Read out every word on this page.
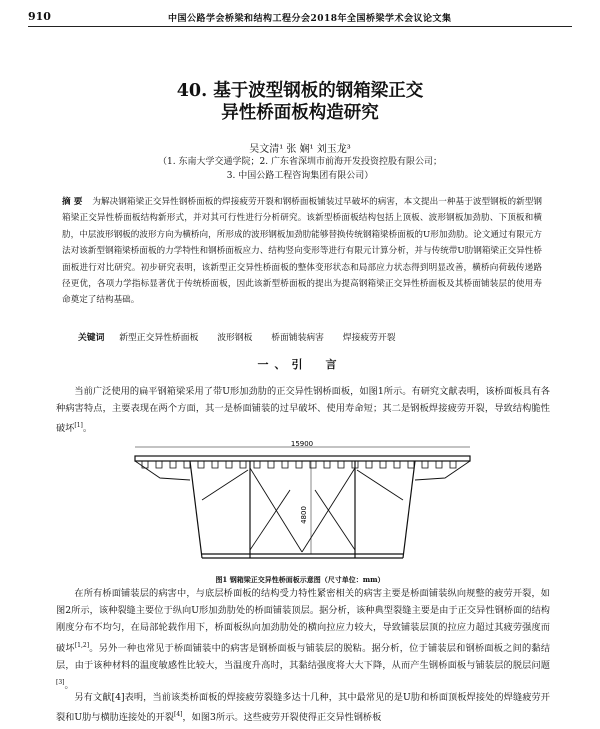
910	中国公路学会桥梁和结构工程分会2018年全国桥梁学术会议论文集
40. 基于波型钢板的钢箱梁正交
异性桥面板构造研究
吴文清¹ 张 娴¹ 刘玉龙³
（1. 东南大学交通学院；2. 广东省深圳市前海开发投资控股有限公司；
3. 中国公路工程咨询集团有限公司）
摘 要 为解决钢箱梁正交异性钢桥面板的焊接疲劳开裂和钢桥面板铺装过早破坏的病害，本文提出一种基于波型钢板的新型钢箱梁正交异性桥面板结构新形式，并对其可行性进行分析研究。该新型桥面板结构包括上顶板、波形钢板加劲肋、下顶板和横肋，中层波形钢板的波形方向为横桥向，所形成的波形钢板加劲肋能够替换传统钢箱梁桥面板的U形加劲肋。论文通过有限元方法对该新型钢箱梁桥面板的力学特性和钢桥面板应力、结构竖向变形等进行有限元计算分析，并与传统带U肋钢箱梁正交异性桥面板进行对比研究。初步研究表明，该新型正交异性桥面板的整体变形状态和局部应力状态得到明显改善，横桥向荷载传递路径更优，各项力学指标显著优于传统桥面板，因此该新型桥面板的提出为提高钢箱梁正交异性桥面板及其桥面铺装层的使用寿命奠定了结构基础。
关键词 新型正交异性桥面板 波形钢板 桥面铺装病害 焊接疲劳开裂
一、引　言
当前广泛使用的扁平钢箱梁采用了带U形加劲肋的正交异性钢桥面板，如图1所示。有研究文献表明，该桥面板具有各种病害特点，主要表现在两个方面，其一是桥面铺装的过早破坏、使用寿命短；其二是钢板焊接疲劳开裂，导致结构脆性破坏[1]。
15900
4800
图1 钢箱梁正交异性桥面板示意图（尺寸单位：mm）
在所有桥面铺装层的病害中，与底层桥面板的结构受力特性紧密相关的病害主要是桥面铺装纵向规整的疲劳开裂，如图2所示，该种裂缝主要位于纵向U形加劲肋处的桥面铺装顶层。据分析，该种典型裂缝主要是由于正交异性钢桥面的结构刚度分布不均匀，在局部轮载作用下，桥面板纵向加劲肋处的横向拉应力较大，导致铺装层顶的拉应力超过其疲劳强度而破坏[1,2]。另外一种也常见于桥面铺装中的病害是钢桥面板与铺装层的脱粘。据分析，位于铺装层和钢桥面板之间的黏结层，由于该种材料的温度敏感性比较大，当温度升高时，其黏结强度将大大下降，从而产生钢桥面板与铺装层的脱层问题[3]。
另有文献[4]表明，当前该类桥面板的焊接疲劳裂缝多达十几种，其中最常见的是U肋和桥面顶板焊接处的焊缝疲劳开裂和U肋与横肋连接处的开裂[4]，如图3所示。这些疲劳开裂使得正交异性钢桥板
